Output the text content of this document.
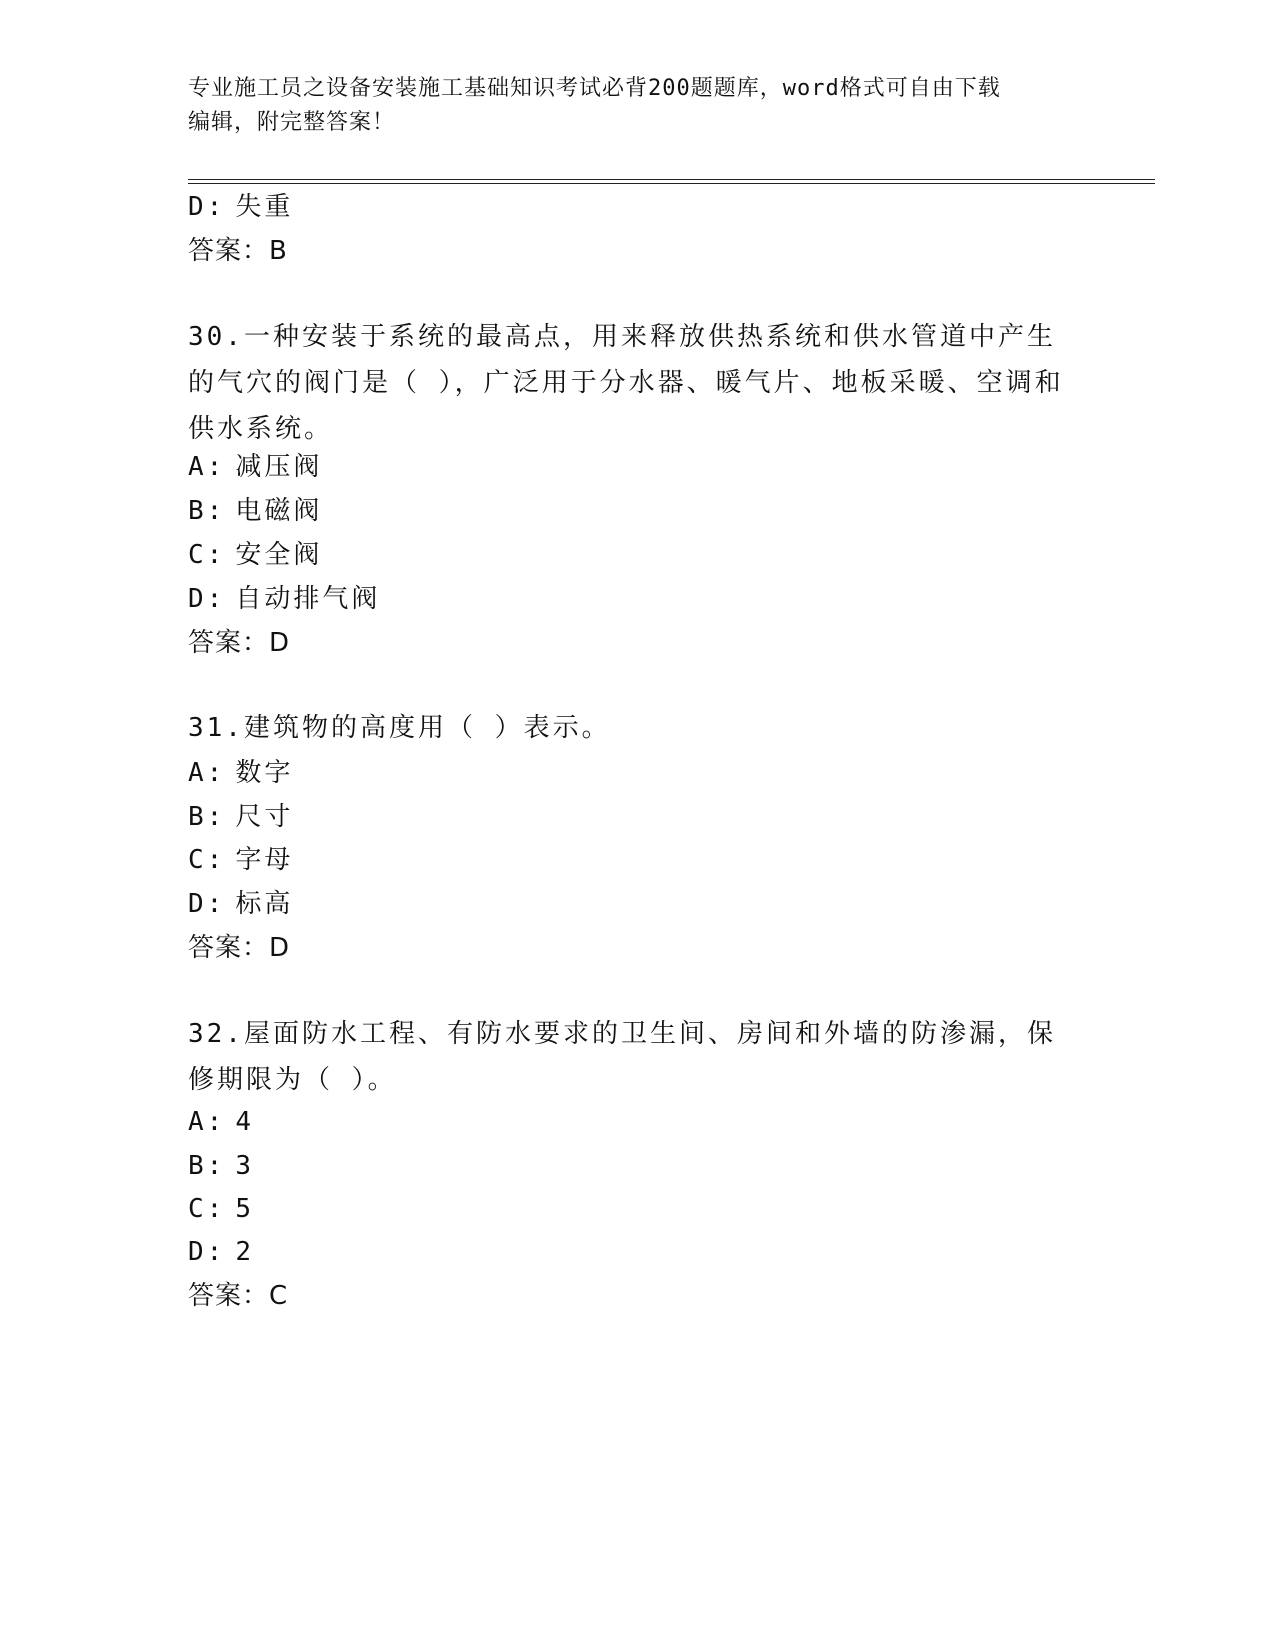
专业施工员之设备安装施工基础知识考试必背200题题库，word格式可自由下载
编辑，附完整答案！
D: 失重
答案：B
30.一种安装于系统的最高点，用来释放供热系统和供水管道中产生的气穴的阀门是（ ），广泛用于分水器、暖气片、地板采暖、空调和供水系统。
A: 减压阀
B: 电磁阀
C: 安全阀
D: 自动排气阀
答案：D
31.建筑物的高度用（ ）表示。
A: 数字
B: 尺寸
C: 字母
D: 标高
答案：D
32.屋面防水工程、有防水要求的卫生间、房间和外墙的防渗漏，保修期限为（ ）。
A: 4
B: 3
C: 5
D: 2
答案：C
